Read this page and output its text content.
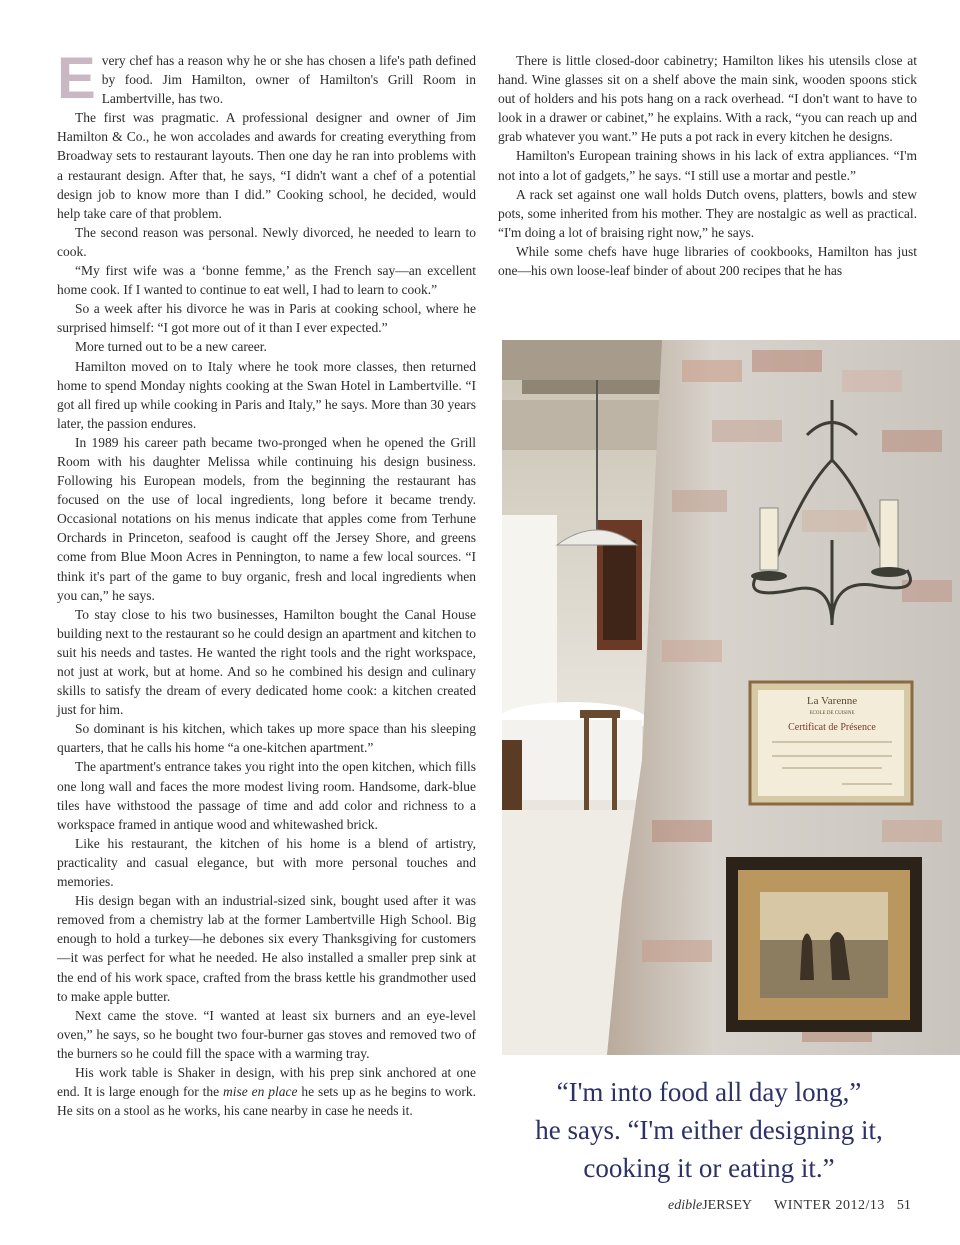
Every chef has a reason why he or she has chosen a life's path defined by food. Jim Hamilton, owner of Hamilton's Grill Room in Lambertville, has two.

The first was pragmatic. A professional designer and owner of Jim Hamilton & Co., he won accolades and awards for creating everything from Broadway sets to restaurant layouts. Then one day he ran into problems with a restaurant design. After that, he says, “I didn't want a chef of a potential design job to know more than I did.” Cooking school, he decided, would help take care of that problem.

The second reason was personal. Newly divorced, he needed to learn to cook.

“My first wife was a ‘bonne femme,’ as the French say—an excellent home cook. If I wanted to continue to eat well, I had to learn to cook.”

So a week after his divorce he was in Paris at cooking school, where he surprised himself: “I got more out of it than I ever expected.”

More turned out to be a new career.

Hamilton moved on to Italy where he took more classes, then returned home to spend Monday nights cooking at the Swan Hotel in Lambertville. “I got all fired up while cooking in Paris and Italy,” he says. More than 30 years later, the passion endures.

In 1989 his career path became two-pronged when he opened the Grill Room with his daughter Melissa while continuing his design business. Following his European models, from the beginning the restaurant has focused on the use of local ingredients, long before it became trendy. Occasional notations on his menus indicate that apples come from Terhune Orchards in Princeton, seafood is caught off the Jersey Shore, and greens come from Blue Moon Acres in Pennington, to name a few local sources. “I think it's part of the game to buy organic, fresh and local ingredients when you can,” he says.

To stay close to his two businesses, Hamilton bought the Canal House building next to the restaurant so he could design an apartment and kitchen to suit his needs and tastes. He wanted the right tools and the right workspace, not just at work, but at home. And so he combined his design and culinary skills to satisfy the dream of every dedicated home cook: a kitchen created just for him.

So dominant is his kitchen, which takes up more space than his sleeping quarters, that he calls his home “a one-kitchen apartment.”

The apartment's entrance takes you right into the open kitchen, which fills one long wall and faces the more modest living room. Handsome, dark-blue tiles have withstood the passage of time and add color and richness to a workspace framed in antique wood and whitewashed brick.

Like his restaurant, the kitchen of his home is a blend of artistry, practicality and casual elegance, but with more personal touches and memories.

His design began with an industrial-sized sink, bought used after it was removed from a chemistry lab at the former Lambertville High School. Big enough to hold a turkey—he debones six every Thanksgiving for customers—it was perfect for what he needed. He also installed a smaller prep sink at the end of his work space, crafted from the brass kettle his grandmother used to make apple butter.

Next came the stove. “I wanted at least six burners and an eye-level oven,” he says, so he bought two four-burner gas stoves and removed two of the burners so he could fill the space with a warming tray.

His work table is Shaker in design, with his prep sink anchored at one end. It is large enough for the mise en place he sets up as he begins to work. He sits on a stool as he works, his cane nearby in case he needs it.

There is little closed-door cabinetry; Hamilton likes his utensils close at hand. Wine glasses sit on a shelf above the main sink, wooden spoons stick out of holders and his pots hang on a rack overhead. “I don't want to have to look in a drawer or cabinet,” he explains. With a rack, “you can reach up and grab whatever you want.” He puts a pot rack in every kitchen he designs.

Hamilton's European training shows in his lack of extra appliances. “I'm not into a lot of gadgets,” he says. “I still use a mortar and pestle.”

A rack set against one wall holds Dutch ovens, platters, bowls and stew pots, some inherited from his mother. They are nostalgic as well as practical. “I'm doing a lot of braising right now,” he says.

While some chefs have huge libraries of cookbooks, Hamilton has just one—his own loose-leaf binder of about 200 recipes that he has

La Varenne
ECOLE DE CUISINE
Certificat de Présence
“I'm into food all day long,”
he says. “I'm either designing it,
cooking it or eating it.”
edibleJERSEY WINTER 2012/13 51
